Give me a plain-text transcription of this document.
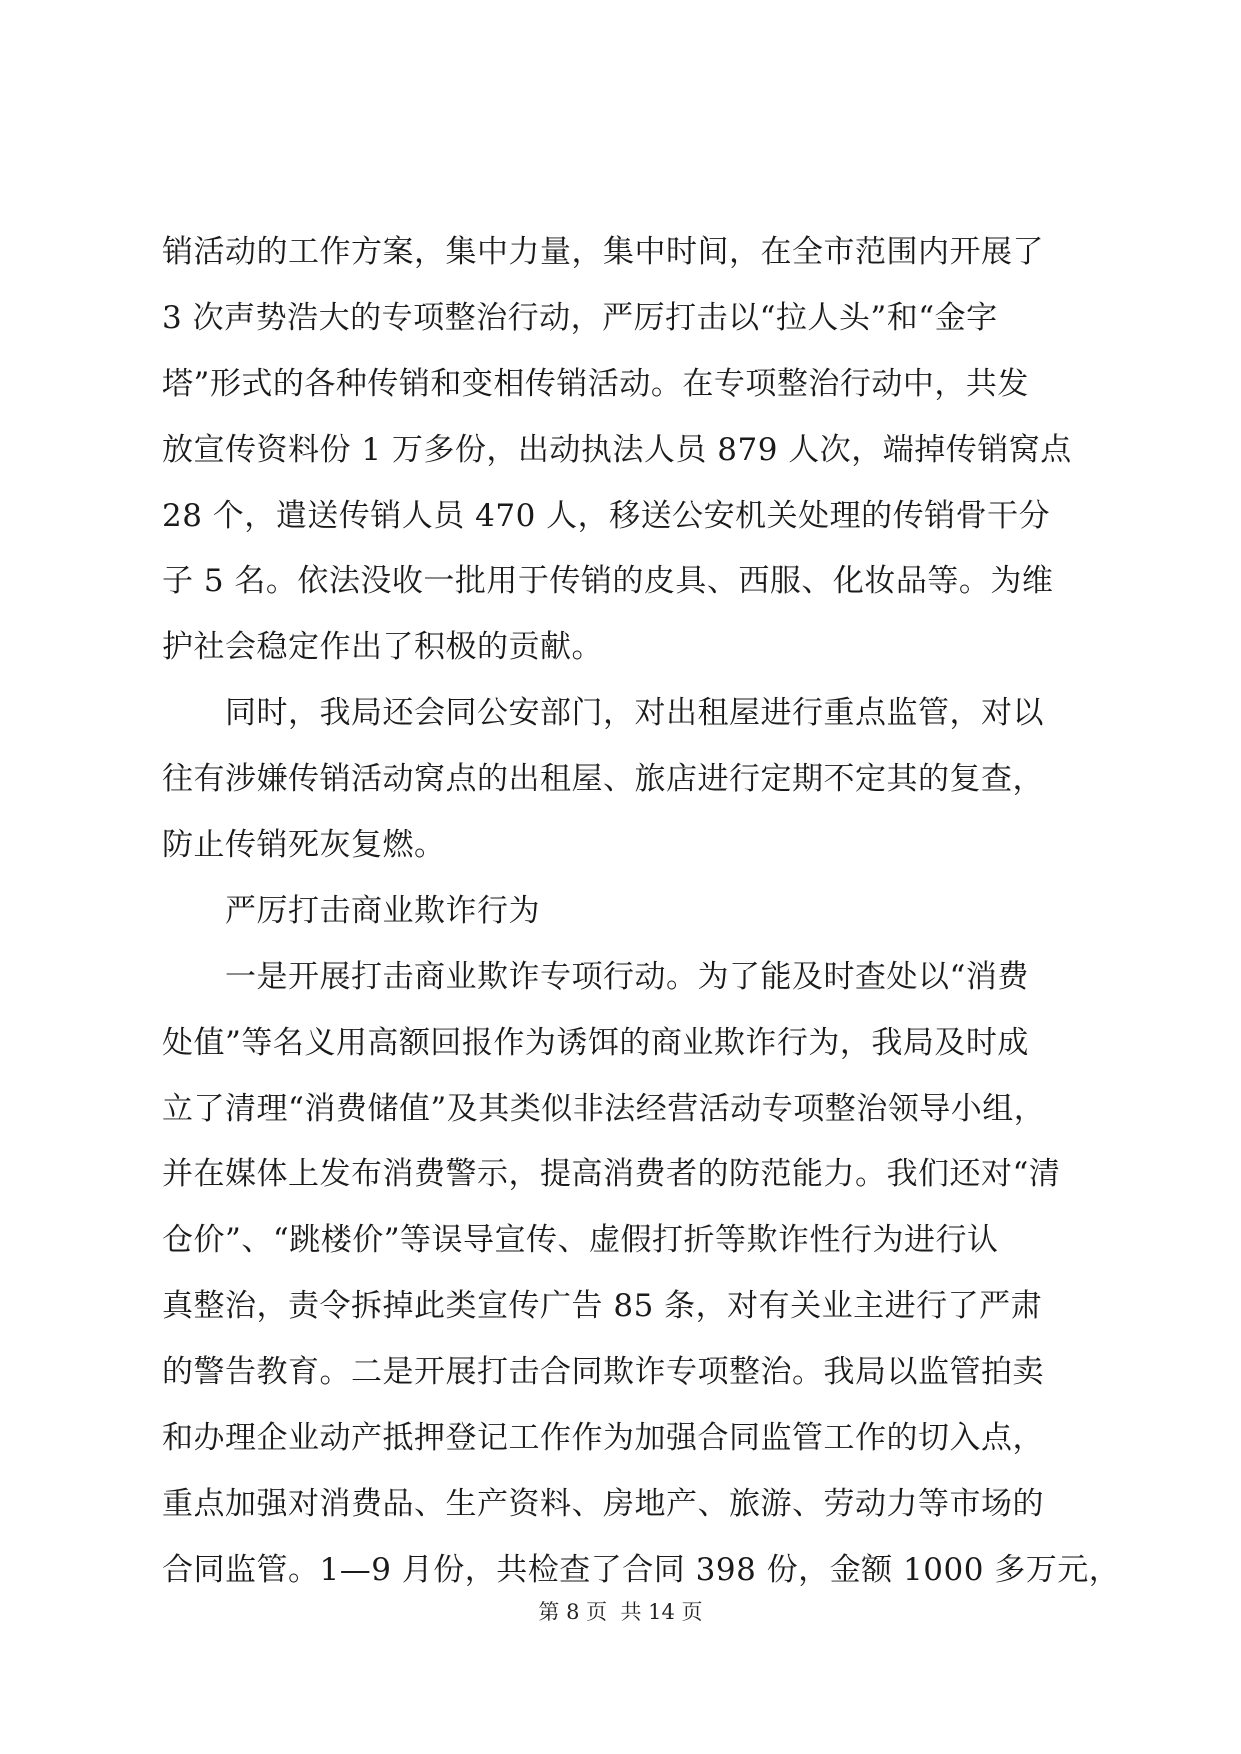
销活动的工作方案，集中力量，集中时间，在全市范围内开展了
3 次声势浩大的专项整治行动，严厉打击以“拉人头”和“金字
塔”形式的各种传销和变相传销活动。在专项整治行动中，共发
放宣传资料份 1 万多份，出动执法人员 879 人次，端掉传销窝点
28 个，遣送传销人员 470 人，移送公安机关处理的传销骨干分
子 5 名。依法没收一批用于传销的皮具、西服、化妆品等。为维
护社会稳定作出了积极的贡献。
　　同时，我局还会同公安部门，对出租屋进行重点监管，对以
往有涉嫌传销活动窝点的出租屋、旅店进行定期不定其的复查，
防止传销死灰复燃。
　　严厉打击商业欺诈行为
　　一是开展打击商业欺诈专项行动。为了能及时查处以“消费
处值”等名义用高额回报作为诱饵的商业欺诈行为，我局及时成
立了清理“消费储值”及其类似非法经营活动专项整治领导小组，
并在媒体上发布消费警示，提高消费者的防范能力。我们还对“清
仓价”、“跳楼价”等误导宣传、虚假打折等欺诈性行为进行认
真整治，责令拆掉此类宣传广告 85 条，对有关业主进行了严肃
的警告教育。二是开展打击合同欺诈专项整治。我局以监管拍卖
和办理企业动产抵押登记工作作为加强合同监管工作的切入点，
重点加强对消费品、生产资料、房地产、旅游、劳动力等市场的
合同监管。1—9 月份，共检查了合同 398 份，金额 1000 多万元，
第 8 页  共 14 页
